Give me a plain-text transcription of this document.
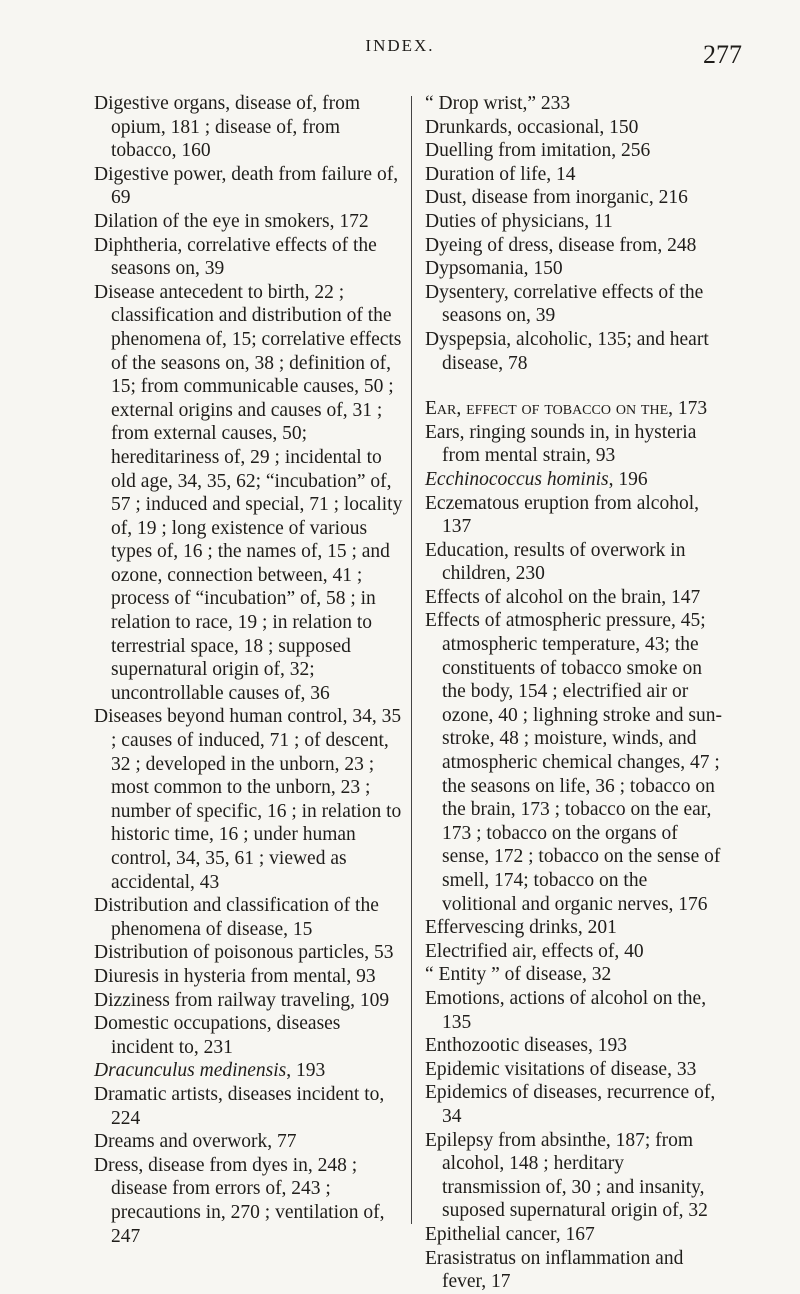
INDEX.	277
Digestive organs, disease of, from opium, 181 ; disease of, from tobacco, 160
Digestive power, death from failure of, 69
Dilation of the eye in smokers, 172
Diphtheria, correlative effects of the seasons on, 39
Disease antecedent to birth, 22 ; classification and distribution of the phenomena of, 15; correlative effects of the seasons on, 38 ; definition of, 15; from communicable causes, 50 ; external origins and causes of, 31 ; from external causes, 50; hereditariness of, 29 ; incidental to old age, 34, 35, 62; “incubation” of, 57 ; induced and special, 71 ; locality of, 19 ; long existence of various types of, 16 ; the names of, 15 ; and ozone, connection between, 41 ; process of “incubation” of, 58 ; in relation to race, 19 ; in relation to terrestrial space, 18 ; supposed supernatural origin of, 32; uncontrollable causes of, 36
Diseases beyond human control, 34, 35 ; causes of induced, 71 ; of descent, 32 ; developed in the unborn, 23 ; most common to the unborn, 23 ; number of specific, 16 ; in relation to historic time, 16 ; under human control, 34, 35, 61 ; viewed as accidental, 43
Distribution and classification of the phenomena of disease, 15
Distribution of poisonous particles, 53
Diuresis in hysteria from mental, 93
Dizziness from railway traveling, 109
Domestic occupations, diseases incident to, 231
Dracunculus medinensis, 193
Dramatic artists, diseases incident to, 224
Dreams and overwork, 77
Dress, disease from dyes in, 248 ; disease from errors of, 243 ; precautions in, 270 ; ventilation of, 247
“ Drop wrist,” 233
Drunkards, occasional, 150
Duelling from imitation, 256
Duration of life, 14
Dust, disease from inorganic, 216
Duties of physicians, 11
Dyeing of dress, disease from, 248
Dypsomania, 150
Dysentery, correlative effects of the seasons on, 39
Dyspepsia, alcoholic, 135; and heart disease, 78
Ear, effect of tobacco on the, 173
Ears, ringing sounds in, in hysteria from mental strain, 93
Ecchinococcus hominis, 196
Eczematous eruption from alcohol, 137
Education, results of overwork in children, 230
Effects of alcohol on the brain, 147
Effects of atmospheric pressure, 45; atmospheric temperature, 43; the constituents of tobacco smoke on the body, 154 ; electrified air or ozone, 40 ; lighning stroke and sun-stroke, 48 ; moisture, winds, and atmospheric chemical changes, 47 ; the seasons on life, 36 ; tobacco on the brain, 173 ; tobacco on the ear, 173 ; tobacco on the organs of sense, 172 ; tobacco on the sense of smell, 174; tobacco on the volitional and organic nerves, 176
Effervescing drinks, 201
Electrified air, effects of, 40
“ Entity ” of disease, 32
Emotions, actions of alcohol on the, 135
Enthozootic diseases, 193
Epidemic visitations of disease, 33
Epidemics of diseases, recurrence of, 34
Epilepsy from absinthe, 187; from alcohol, 148 ; herditary transmission of, 30 ; and insanity, suposed supernatural origin of, 32
Epithelial cancer, 167
Erasistratus on inflammation and fever, 17
